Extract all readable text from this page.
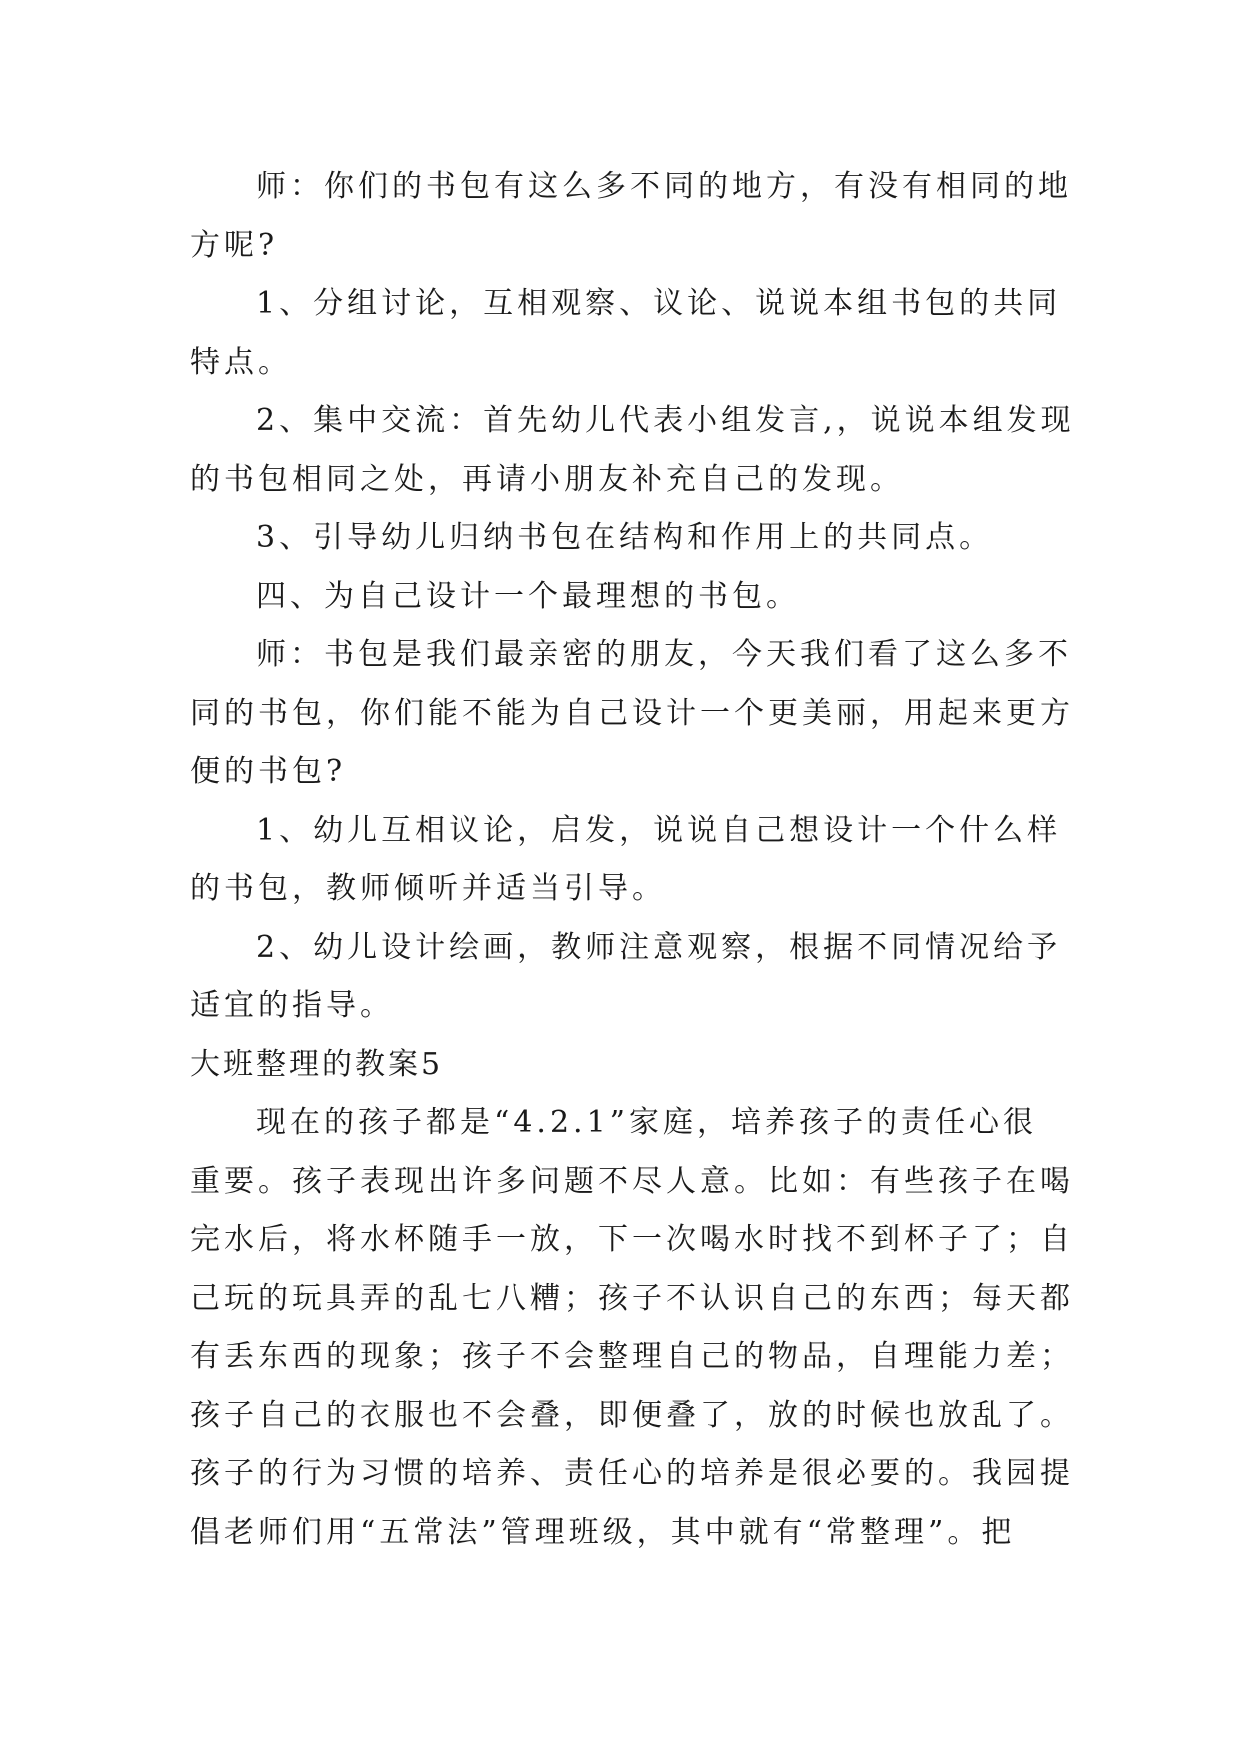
师：你们的书包有这么多不同的地方，有没有相同的地
方呢?
1、分组讨论，互相观察、议论、说说本组书包的共同
特点。
2、集中交流：首先幼儿代表小组发言,，说说本组发现
的书包相同之处，再请小朋友补充自己的发现。
3、引导幼儿归纳书包在结构和作用上的共同点。
四、为自己设计一个最理想的书包。
师：书包是我们最亲密的朋友，今天我们看了这么多不
同的书包，你们能不能为自己设计一个更美丽，用起来更方
便的书包?
1、幼儿互相议论，启发，说说自己想设计一个什么样
的书包，教师倾听并适当引导。
2、幼儿设计绘画，教师注意观察，根据不同情况给予
适宜的指导。
大班整理的教案5
现在的孩子都是“4.2.1”家庭，培养孩子的责任心很
重要。孩子表现出许多问题不尽人意。比如：有些孩子在喝
完水后，将水杯随手一放，下一次喝水时找不到杯子了；自
己玩的玩具弄的乱七八糟；孩子不认识自己的东西；每天都
有丢东西的现象；孩子不会整理自己的物品，自理能力差；
孩子自己的衣服也不会叠，即便叠了，放的时候也放乱了。
孩子的行为习惯的培养、责任心的培养是很必要的。我园提
倡老师们用“五常法”管理班级，其中就有“常整理”。把
